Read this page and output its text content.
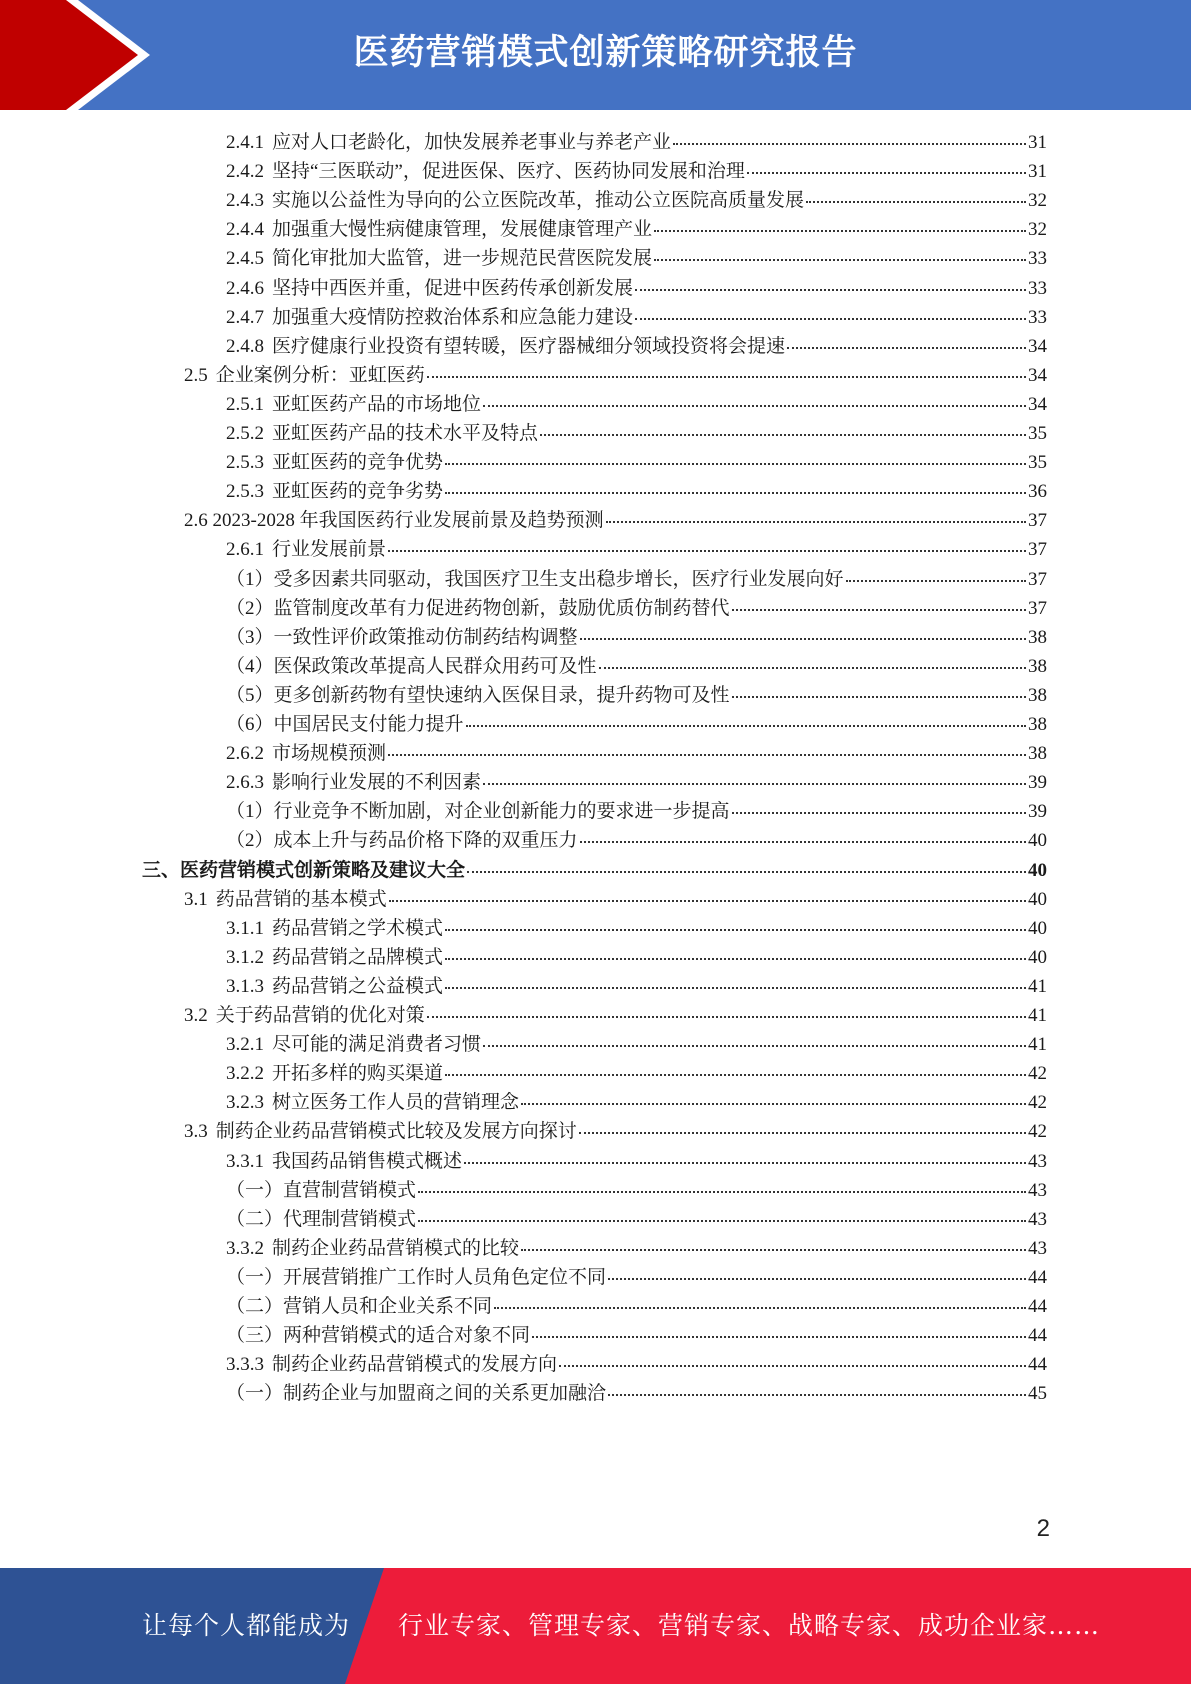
医药营销模式创新策略研究报告
2.4.1 应对人口老龄化，加快发展养老事业与养老产业	31
2.4.2 坚持“三医联动”，促进医保、医疗、医药协同发展和治理	31
2.4.3 实施以公益性为导向的公立医院改革，推动公立医院高质量发展	32
2.4.4 加强重大慢性病健康管理，发展健康管理产业	32
2.4.5 简化审批加大监管，进一步规范民营医院发展	33
2.4.6 坚持中西医并重，促进中医药传承创新发展	33
2.4.7 加强重大疫情防控救治体系和应急能力建设	33
2.4.8 医疗健康行业投资有望转暖，医疗器械细分领域投资将会提速	34
2.5 企业案例分析：亚虹医药	34
2.5.1 亚虹医药产品的市场地位	34
2.5.2 亚虹医药产品的技术水平及特点	35
2.5.3 亚虹医药的竞争优势	35
2.5.3 亚虹医药的竞争劣势	36
2.6 2023-2028 年我国医药行业发展前景及趋势预测	37
2.6.1 行业发展前景	37
（1）受多因素共同驱动，我国医疗卫生支出稳步增长，医疗行业发展向好	37
（2）监管制度改革有力促进药物创新，鼓励优质仿制药替代	37
（3）一致性评价政策推动仿制药结构调整	38
（4）医保政策改革提高人民群众用药可及性	38
（5）更多创新药物有望快速纳入医保目录，提升药物可及性	38
（6）中国居民支付能力提升	38
2.6.2 市场规模预测	38
2.6.3 影响行业发展的不利因素	39
（1）行业竞争不断加剧，对企业创新能力的要求进一步提高	39
（2）成本上升与药品价格下降的双重压力	40
三、医药营销模式创新策略及建议大全	40
3.1 药品营销的基本模式	40
3.1.1 药品营销之学术模式	40
3.1.2 药品营销之品牌模式	40
3.1.3 药品营销之公益模式	41
3.2 关于药品营销的优化对策	41
3.2.1 尽可能的满足消费者习惯	41
3.2.2 开拓多样的购买渠道	42
3.2.3 树立医务工作人员的营销理念	42
3.3 制药企业药品营销模式比较及发展方向探讨	42
3.3.1 我国药品销售模式概述	43
（一）直营制营销模式	43
（二）代理制营销模式	43
3.3.2 制药企业药品营销模式的比较	43
（一）开展营销推广工作时人员角色定位不同	44
（二）营销人员和企业关系不同	44
（三）两种营销模式的适合对象不同	44
3.3.3 制药企业药品营销模式的发展方向	44
（一）制药企业与加盟商之间的关系更加融洽	45
2
让每个人都能成为 行业专家、管理专家、营销专家、战略专家、成功企业家……
